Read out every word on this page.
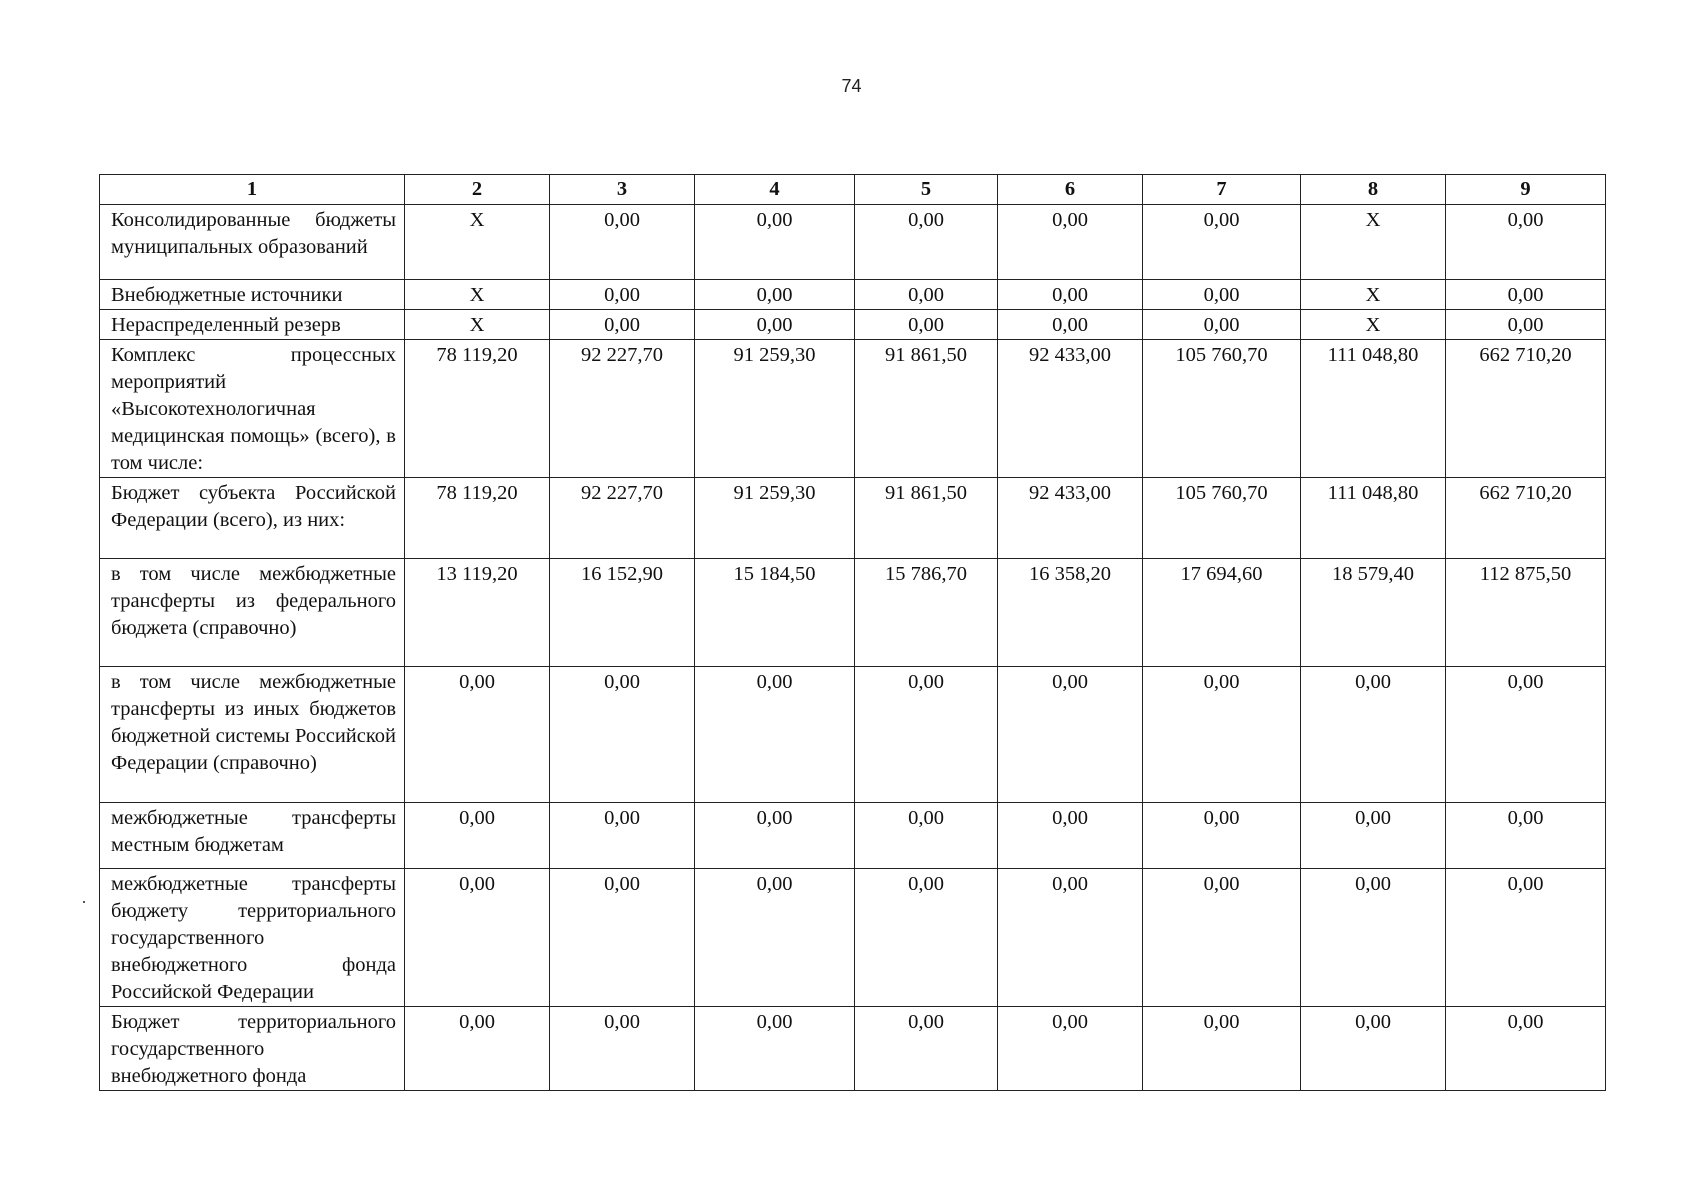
74
1	2	3	4	5	6	7	8	9
Консолидированные бюджеты муниципальных образований	Х	0,00	0,00	0,00	0,00	0,00	Х	0,00
Внебюджетные источники	Х	0,00	0,00	0,00	0,00	0,00	Х	0,00
Нераспределенный резерв	Х	0,00	0,00	0,00	0,00	0,00	Х	0,00
Комплекс процессных мероприятий «Высокотехнологичная медицинская помощь» (всего), в том числе:	78 119,20	92 227,70	91 259,30	91 861,50	92 433,00	105 760,70	111 048,80	662 710,20
Бюджет субъекта Российской Федерации (всего), из них:	78 119,20	92 227,70	91 259,30	91 861,50	92 433,00	105 760,70	111 048,80	662 710,20
в том числе межбюджетные трансферты из федерального бюджета (справочно)	13 119,20	16 152,90	15 184,50	15 786,70	16 358,20	17 694,60	18 579,40	112 875,50
в том числе межбюджетные трансферты из иных бюджетов бюджетной системы Российской Федерации (справочно)	0,00	0,00	0,00	0,00	0,00	0,00	0,00	0,00
межбюджетные трансферты местным бюджетам	0,00	0,00	0,00	0,00	0,00	0,00	0,00	0,00
межбюджетные трансферты бюджету территориального государственного внебюджетного фонда Российской Федерации	0,00	0,00	0,00	0,00	0,00	0,00	0,00	0,00
Бюджет территориального государственного внебюджетного фонда	0,00	0,00	0,00	0,00	0,00	0,00	0,00	0,00
